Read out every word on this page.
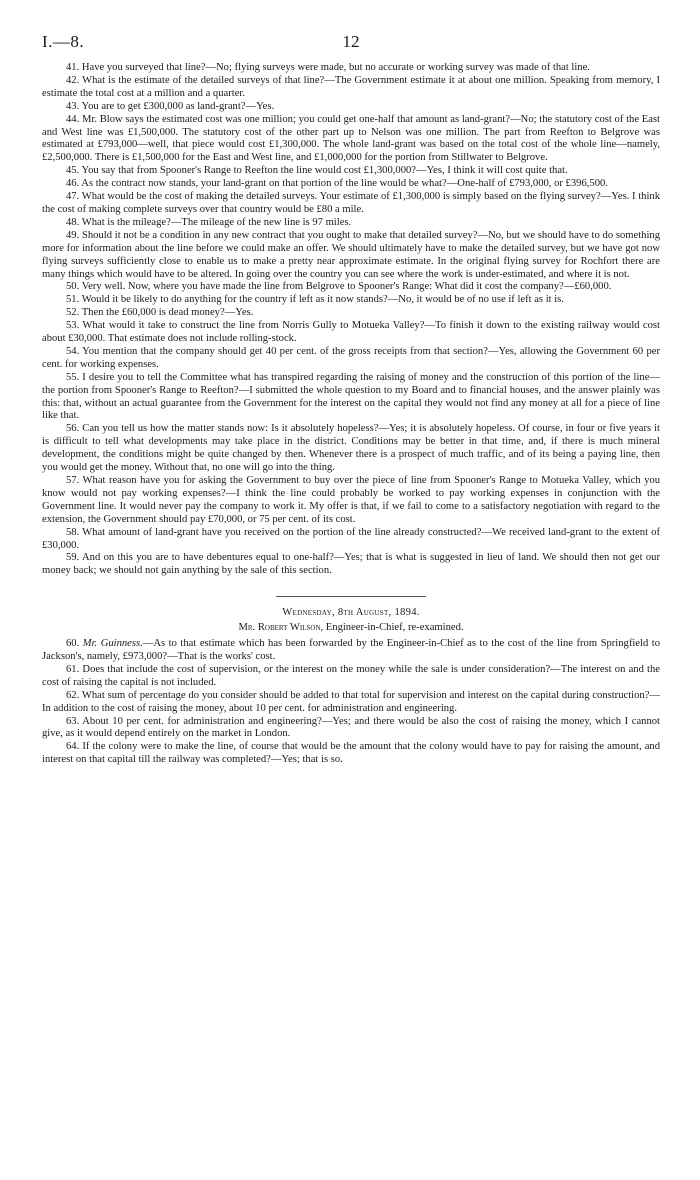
I.—8.	12

41. Have you surveyed that line?—No; flying surveys were made, but no accurate or working survey was made of that line.

42. What is the estimate of the detailed surveys of that line?—The Government estimate it at about one million. Speaking from memory, I estimate the total cost at a million and a quarter.

43. You are to get £300,000 as land-grant?—Yes.

44. Mr. Blow says the estimated cost was one million; you could get one-half that amount as land-grant?—No; the statutory cost of the East and West line was £1,500,000. The statutory cost of the other part up to Nelson was one million. The part from Reefton to Belgrove was estimated at £793,000—well, that piece would cost £1,300,000. The whole land-grant was based on the total cost of the whole line—namely, £2,500,000. There is £1,500,000 for the East and West line, and £1,000,000 for the portion from Stillwater to Belgrove.

45. You say that from Spooner's Range to Reefton the line would cost £1,300,000?—Yes, I think it will cost quite that.

46. As the contract now stands, your land-grant on that portion of the line would be what?—One-half of £793,000, or £396,500.

47. What would be the cost of making the detailed surveys. Your estimate of £1,300,000 is simply based on the flying survey?—Yes. I think the cost of making complete surveys over that country would be £80 a mile.

48. What is the mileage?—The mileage of the new line is 97 miles.

49. Should it not be a condition in any new contract that you ought to make that detailed survey?—No, but we should have to do something more for information about the line before we could make an offer. We should ultimately have to make the detailed survey, but we have got now flying surveys sufficiently close to enable us to make a pretty near approximate estimate. In the original flying survey for Rochfort there are many things which would have to be altered. In going over the country you can see where the work is under-estimated, and where it is not.

50. Very well. Now, where you have made the line from Belgrove to Spooner's Range: What did it cost the company?—£60,000.

51. Would it be likely to do anything for the country if left as it now stands?—No, it would be of no use if left as it is.

52. Then the £60,000 is dead money?—Yes.

53. What would it take to construct the line from Norris Gully to Motueka Valley?—To finish it down to the existing railway would cost about £30,000. That estimate does not include rolling-stock.

54. You mention that the company should get 40 per cent. of the gross receipts from that section?—Yes, allowing the Government 60 per cent. for working expenses.

55. I desire you to tell the Committee what has transpired regarding the raising of money and the construction of this portion of the line—the portion from Spooner's Range to Reefton?—I submitted the whole question to my Board and to financial houses, and the answer plainly was this: that, without an actual guarantee from the Government for the interest on the capital they would not find any money at all for a piece of line like that.

56. Can you tell us how the matter stands now: Is it absolutely hopeless?—Yes; it is absolutely hopeless. Of course, in four or five years it is difficult to tell what developments may take place in the district. Conditions may be better in that time, and, if there is much mineral development, the conditions might be quite changed by then. Whenever there is a prospect of much traffic, and of its being a paying line, then you would get the money. Without that, no one will go into the thing.

57. What reason have you for asking the Government to buy over the piece of line from Spooner's Range to Motueka Valley, which you know would not pay working expenses?—I think the line could probably be worked to pay working expenses in conjunction with the Government line. It would never pay the company to work it. My offer is that, if we fail to come to a satisfactory negotiation with regard to the extension, the Government should pay £70,000, or 75 per cent. of its cost.

58. What amount of land-grant have you received on the portion of the line already constructed?—We received land-grant to the extent of £30,000.

59. And on this you are to have debentures equal to one-half?—Yes; that is what is suggested in lieu of land. We should then not get our money back; we should not gain anything by the sale of this section.

Wednesday, 8th August, 1894.

Mr. Robert Wilson, Engineer-in-Chief, re-examined.

60. Mr. Guinness.—As to that estimate which has been forwarded by the Engineer-in-Chief as to the cost of the line from Springfield to Jackson's, namely, £973,000?—That is the works' cost.

61. Does that include the cost of supervision, or the interest on the money while the sale is under consideration?—The interest on and the cost of raising the capital is not included.

62. What sum of percentage do you consider should be added to that total for supervision and interest on the capital during construction?—In addition to the cost of raising the money, about 10 per cent. for administration and engineering.

63. About 10 per cent. for administration and engineering?—Yes; and there would be also the cost of raising the money, which I cannot give, as it would depend entirely on the market in London.

64. If the colony were to make the line, of course that would be the amount that the colony would have to pay for raising the amount, and interest on that capital till the railway was completed?—Yes; that is so.
